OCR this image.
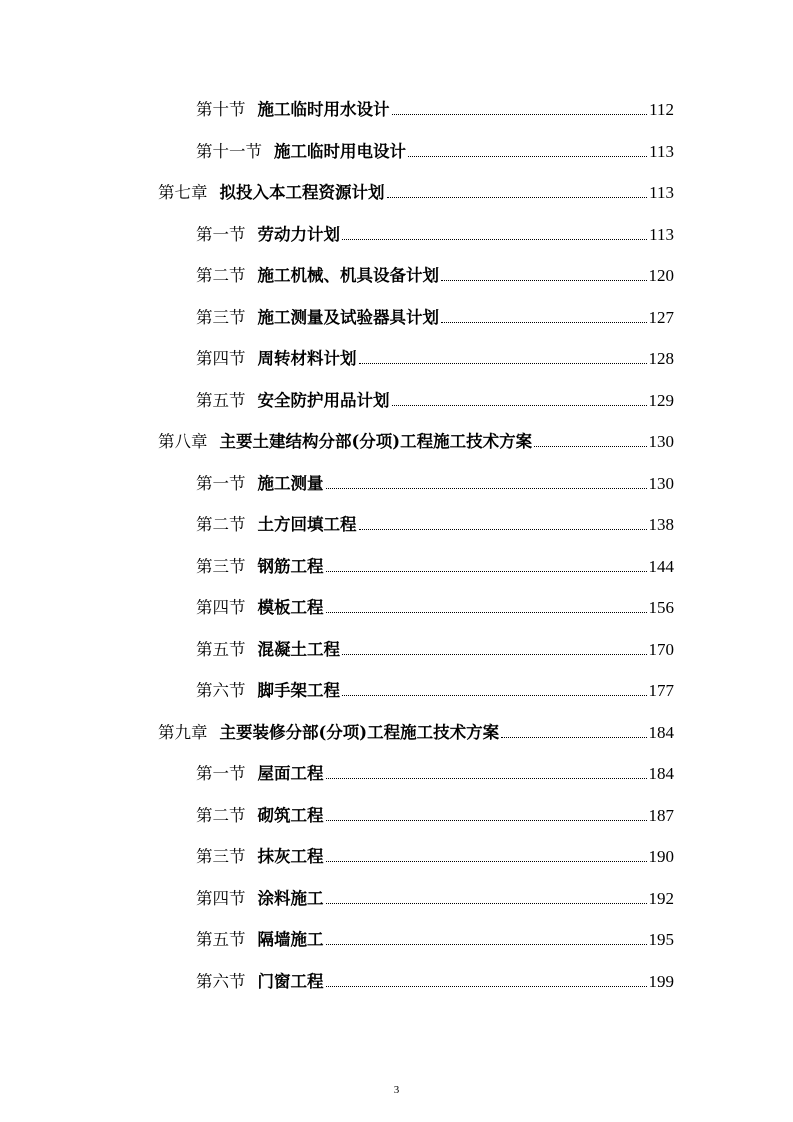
第十节 施工临时用水设计	112
第十一节 施工临时用电设计	113
第七章 拟投入本工程资源计划	113
第一节 劳动力计划	113
第二节 施工机械、机具设备计划	120
第三节 施工测量及试验器具计划	127
第四节 周转材料计划	128
第五节 安全防护用品计划	129
第八章 主要土建结构分部(分项)工程施工技术方案	130
第一节 施工测量	130
第二节 土方回填工程	138
第三节 钢筋工程	144
第四节 模板工程	156
第五节 混凝土工程	170
第六节 脚手架工程	177
第九章 主要装修分部(分项)工程施工技术方案	184
第一节 屋面工程	184
第二节 砌筑工程	187
第三节 抹灰工程	190
第四节 涂料施工	192
第五节 隔墙施工	195
第六节 门窗工程	199
3
